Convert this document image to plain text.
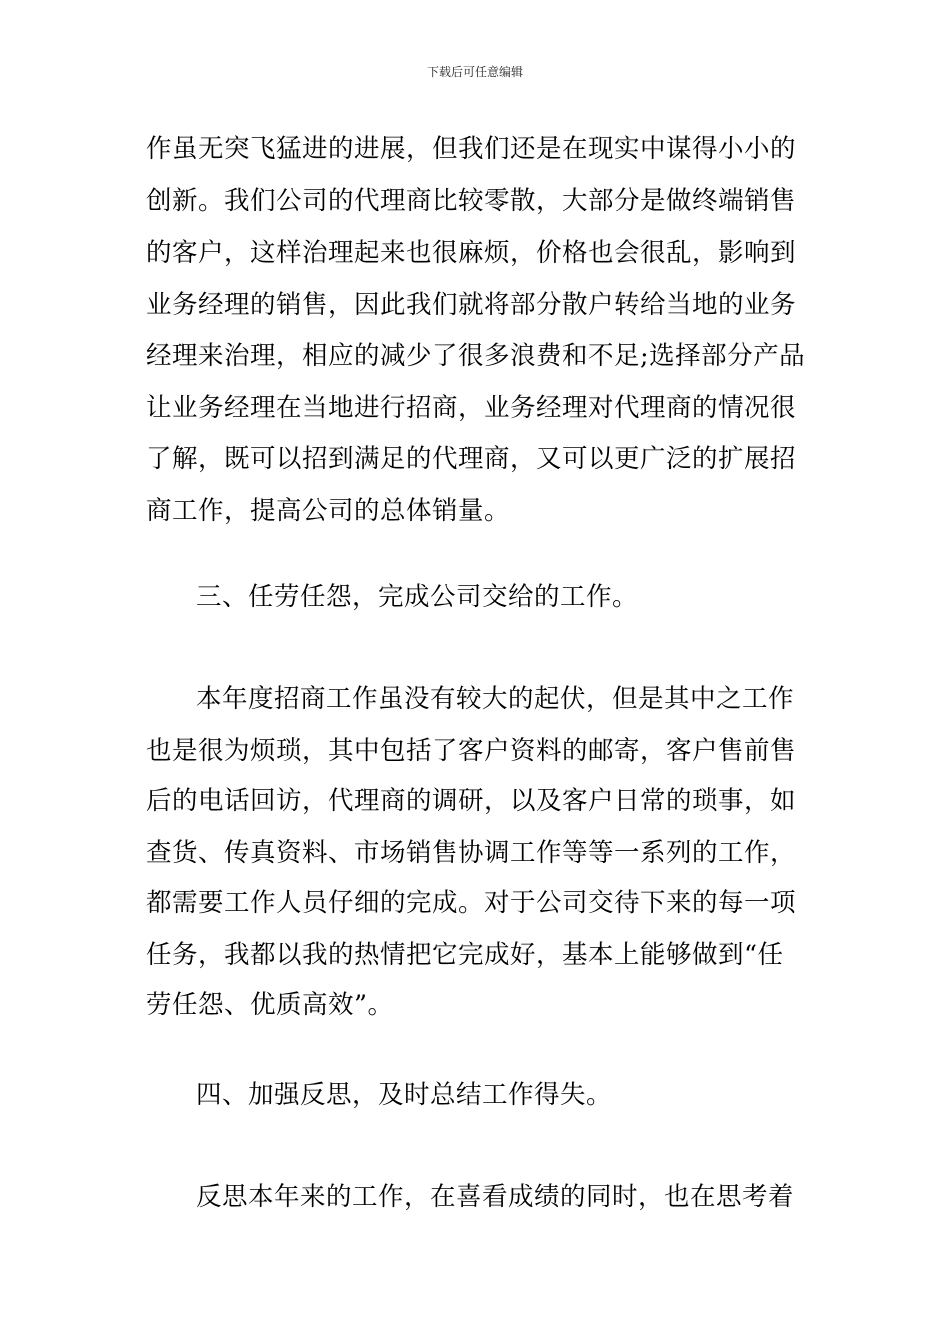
下载后可任意编辑
作虽无突飞猛进的进展，但我们还是在现实中谋得小小的
创新。我们公司的代理商比较零散，大部分是做终端销售
的客户，这样治理起来也很麻烦，价格也会很乱，影响到
业务经理的销售，因此我们就将部分散户转给当地的业务
经理来治理，相应的减少了很多浪费和不足;选择部分产品
让业务经理在当地进行招商，业务经理对代理商的情况很
了解，既可以招到满足的代理商，又可以更广泛的扩展招
商工作，提高公司的总体销量。
三、任劳任怨，完成公司交给的工作。
本年度招商工作虽没有较大的起伏，但是其中之工作
也是很为烦琐，其中包括了客户资料的邮寄，客户售前售
后的电话回访，代理商的调研，以及客户日常的琐事，如
查货、传真资料、市场销售协调工作等等一系列的工作，
都需要工作人员仔细的完成。对于公司交待下来的每一项
任务，我都以我的热情把它完成好，基本上能够做到“任
劳任怨、优质高效”。
四、加强反思，及时总结工作得失。
反思本年来的工作，在喜看成绩的同时，也在思考着
